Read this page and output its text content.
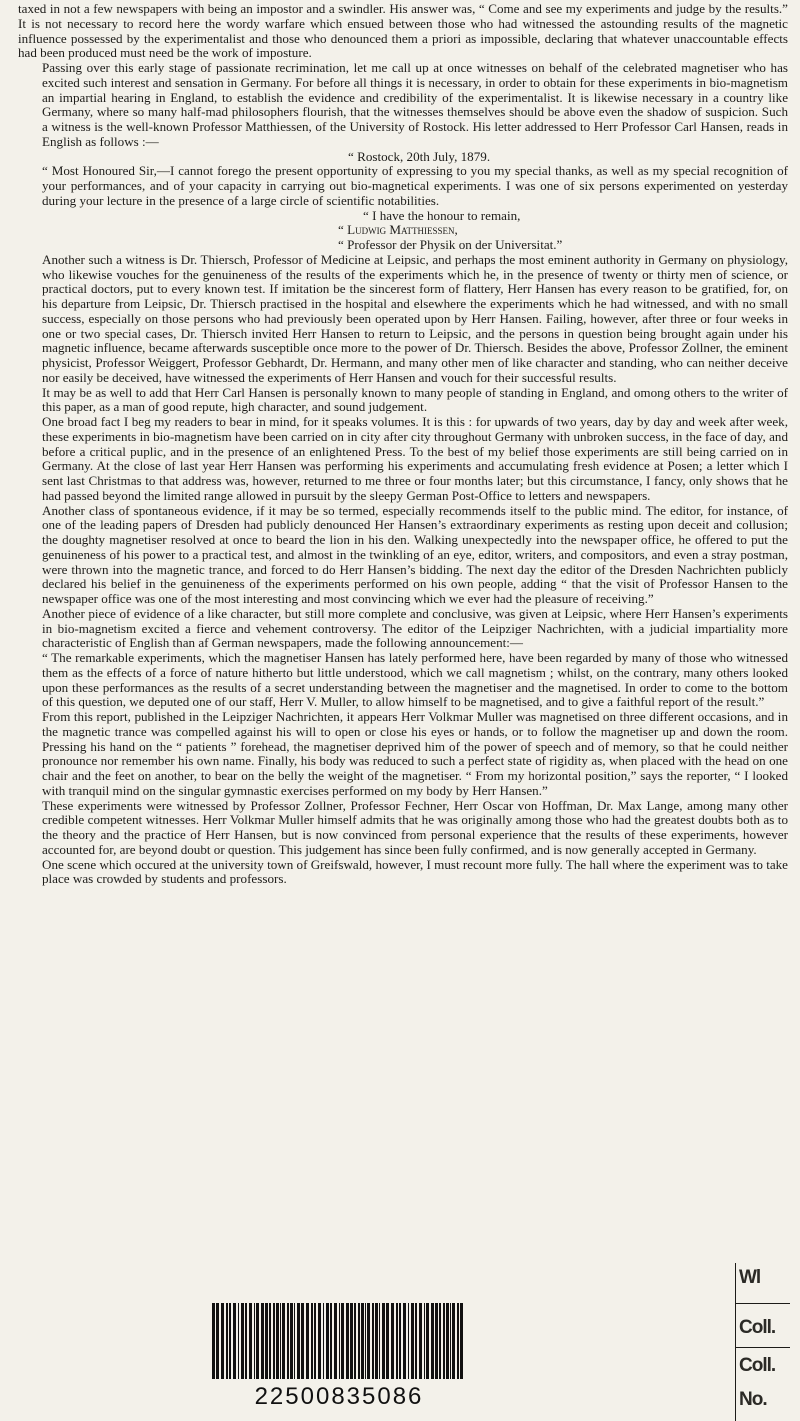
taxed in not a few newspapers with being an impostor and a swindler. His answer was, “ Come and see my experiments and judge by the results.” It is not necessary to record here the wordy warfare which ensued between those who had witnessed the astounding results of the magnetic influence possessed by the experimentalist and those who denounced them a priori as impossible, declaring that whatever unaccountable effects had been produced must need be the work of imposture.

Passing over this early stage of passionate recrimination, let me call up at once witnesses on behalf of the celebrated magnetiser who has excited such interest and sensation in Germany. For before all things it is necessary, in order to obtain for these experiments in bio-magnetism an impartial hearing in England, to establish the evidence and credibility of the experimentalist. It is likewise necessary in a country like Germany, where so many half-mad philosophers flourish, that the witnesses themselves should be above even the shadow of suspicion. Such a witness is the well-known Professor Matthiessen, of the University of Rostock. His letter addressed to Herr Professor Carl Hansen, reads in English as follows :—

“ Rostock, 20th July, 1879.

“ Most Honoured Sir,—I cannot forego the present opportunity of expressing to you my special thanks, as well as my special recognition of your performances, and of your capacity in carrying out bio-magnetical experiments. I was one of six persons experimented on yesterday during your lecture in the presence of a large circle of scientific notabilities.

“ I have the honour to remain,

“ Ludwig Matthiessen,

“ Professor der Physik on der Universitat.”

Another such a witness is Dr. Thiersch, Professor of Medicine at Leipsic, and perhaps the most eminent authority in Germany on physiology, who likewise vouches for the genuineness of the results of the experiments which he, in the presence of twenty or thirty men of science, or practical doctors, put to every known test. If imitation be the sincerest form of flattery, Herr Hansen has every reason to be gratified, for, on his departure from Leipsic, Dr. Thiersch practised in the hospital and elsewhere the experiments which he had witnessed, and with no small success, especially on those persons who had previously been operated upon by Herr Hansen. Failing, however, after three or four weeks in one or two special cases, Dr. Thiersch invited Herr Hansen to return to Leipsic, and the persons in question being brought again under his magnetic influence, became afterwards susceptible once more to the power of Dr. Thiersch. Besides the above, Professor Zollner, the eminent physicist, Professor Weiggert, Professor Gebhardt, Dr. Hermann, and many other men of like character and standing, who can neither deceive nor easily be deceived, have witnessed the experiments of Herr Hansen and vouch for their successful results.

It may be as well to add that Herr Carl Hansen is personally known to many people of standing in England, and omong others to the writer of this paper, as a man of good repute, high character, and sound judgement.

One broad fact I beg my readers to bear in mind, for it speaks volumes. It is this : for upwards of two years, day by day and week after week, these experiments in bio-magnetism have been carried on in city after city throughout Germany with unbroken success, in the face of day, and before a critical puplic, and in the presence of an enlightened Press. To the best of my belief those experiments are still being carried on in Germany. At the close of last year Herr Hansen was performing his experiments and accumulating fresh evidence at Posen; a letter which I sent last Christmas to that address was, however, returned to me three or four months later; but this circumstance, I fancy, only shows that he had passed beyond the limited range allowed in pursuit by the sleepy German Post-Office to letters and newspapers.

Another class of spontaneous evidence, if it may be so termed, especially recommends itself to the public mind. The editor, for instance, of one of the leading papers of Dresden had publicly denounced Her Hansen’s extraordinary experiments as resting upon deceit and collusion; the doughty magnetiser resolved at once to beard the lion in his den. Walking unexpectedly into the newspaper office, he offered to put the genuineness of his power to a practical test, and almost in the twinkling of an eye, editor, writers, and compositors, and even a stray postman, were thrown into the magnetic trance, and forced to do Herr Hansen’s bidding. The next day the editor of the Dresden Nachrichten publicly declared his belief in the genuineness of the experiments performed on his own people, adding “ that the visit of Professor Hansen to the newspaper office was one of the most interesting and most convincing which we ever had the pleasure of receiving.”

Another piece of evidence of a like character, but still more complete and conclusive, was given at Leipsic, where Herr Hansen’s experiments in bio-magnetism excited a fierce and vehement controversy. The editor of the Leipziger Nachrichten, with a judicial impartiality more characteristic of English than af German newspapers, made the following announcement:—

“ The remarkable experiments, which the magnetiser Hansen has lately performed here, have been regarded by many of those who witnessed them as the effects of a force of nature hitherto but little understood, which we call magnetism ; whilst, on the contrary, many others looked upon these performances as the results of a secret understanding between the magnetiser and the magnetised. In order to come to the bottom of this question, we deputed one of our staff, Herr V. Muller, to allow himself to be magnetised, and to give a faithful report of the result.”

From this report, published in the Leipziger Nachrichten, it appears Herr Volkmar Muller was magnetised on three different occasions, and in the magnetic trance was compelled against his will to open or close his eyes or hands, or to follow the magnetiser up and down the room. Pressing his hand on the “ patients ” forehead, the magnetiser deprived him of the power of speech and of memory, so that he could neither pronounce nor remember his own name. Finally, his body was reduced to such a perfect state of rigidity as, when placed with the head on one chair and the feet on another, to bear on the belly the weight of the magnetiser. “ From my horizontal position,” says the reporter, “ I looked with tranquil mind on the singular gymnastic exercises performed on my body by Herr Hansen.”

These experiments were witnessed by Professor Zollner, Professor Fechner, Herr Oscar von Hoffman, Dr. Max Lange, among many other credible competent witnesses. Herr Volkmar Muller himself admits that he was originally among those who had the greatest doubts both as to the theory and the practice of Herr Hansen, but is now convinced from personal experience that the results of these experiments, however accounted for, are beyond doubt or question. This judgement has since been fully confirmed, and is now generally accepted in Germany.

One scene which occured at the university town of Greifswald, however, I must recount more fully. The hall where the experiment was to take place was crowded by students and professors.

Wl
Coll.
Coll.
No.
22500835086
